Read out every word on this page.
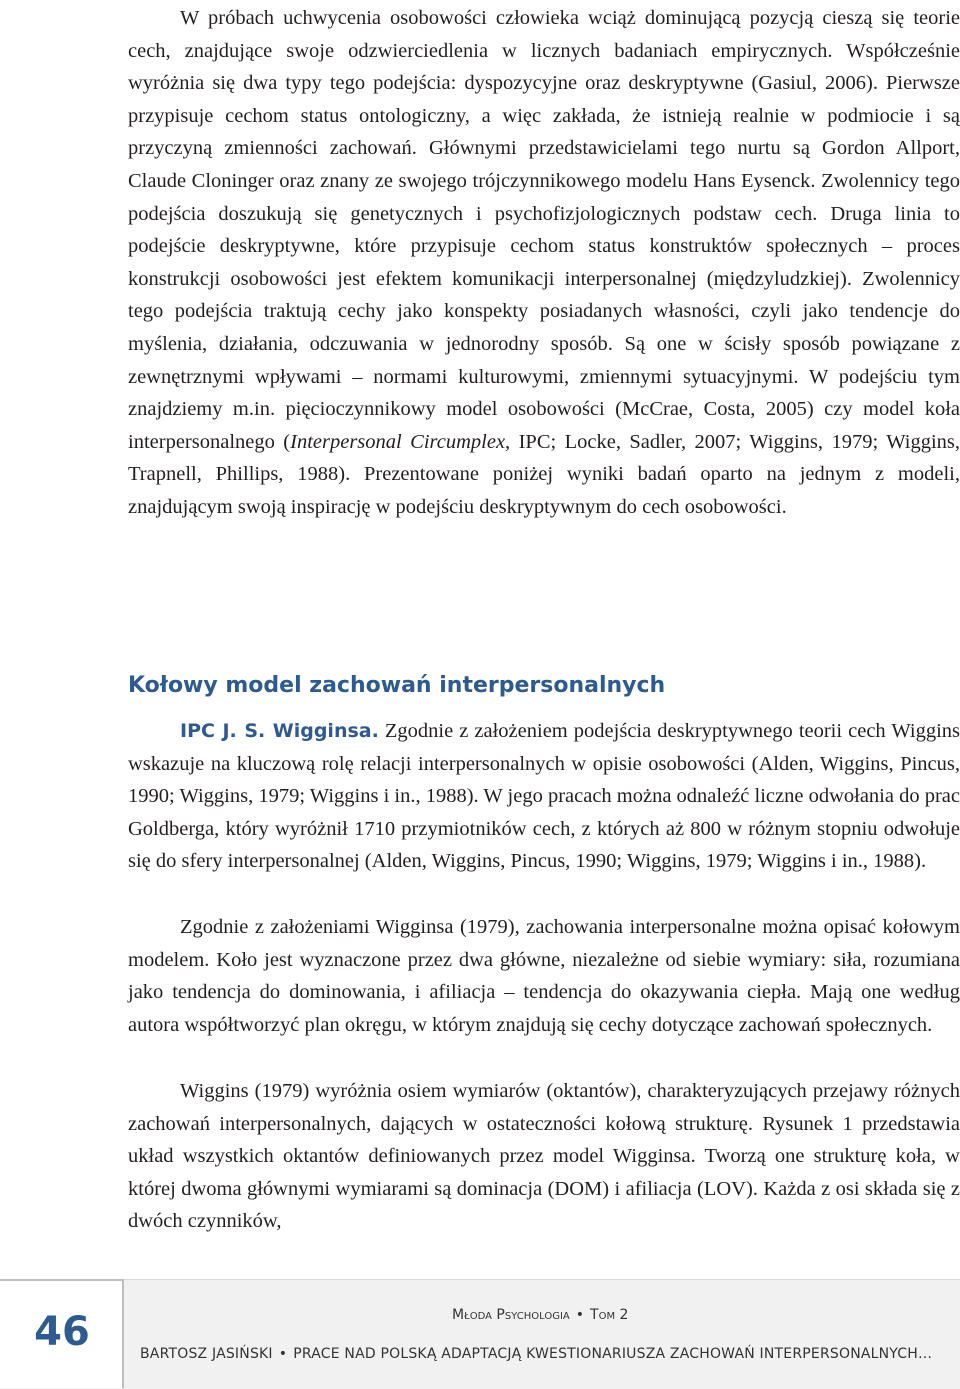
W próbach uchwycenia osobowości człowieka wciąż dominującą pozycją cieszą się teorie cech, znajdujące swoje odzwierciedlenia w licznych badaniach empirycznych. Współcześnie wyróżnia się dwa typy tego podejścia: dyspozycyjne oraz deskryptywne (Gasiul, 2006). Pierwsze przypisuje cechom status ontologiczny, a więc zakłada, że istnieją realnie w podmiocie i są przyczyną zmienności zachowań. Głównymi przedstawicielami tego nurtu są Gordon Allport, Claude Cloninger oraz znany ze swojego trójczynnikowego modelu Hans Eysenck. Zwolennicy tego podejścia doszukują się genetycznych i psychofizjologicznych podstaw cech. Druga linia to podejście deskryptywne, które przypisuje cechom status konstruktów społecznych – proces konstrukcji osobowości jest efektem komunikacji interpersonalnej (międzyludzkiej). Zwolennicy tego podejścia traktują cechy jako konspekty posiadanych własności, czyli jako tendencje do myślenia, działania, odczuwania w jednorodny sposób. Są one w ścisły sposób powiązane z zewnętrznymi wpływami – normami kulturowymi, zmiennymi sytuacyjnymi. W podejściu tym znajdziemy m.in. pięcioczynnikowy model osobowości (McCrae, Costa, 2005) czy model koła interpersonalnego (Interpersonal Circumplex, IPC; Locke, Sadler, 2007; Wiggins, 1979; Wiggins, Trapnell, Phillips, 1988). Prezentowane poniżej wyniki badań oparto na jednym z modeli, znajdującym swoją inspirację w podejściu deskryptywnym do cech osobowości.

Kołowy model zachowań interpersonalnych

IPC J. S. Wigginsa. Zgodnie z założeniem podejścia deskryptywnego teorii cech Wiggins wskazuje na kluczową rolę relacji interpersonalnych w opisie osobowości (Alden, Wiggins, Pincus, 1990; Wiggins, 1979; Wiggins i in., 1988). W jego pracach można odnaleźć liczne odwołania do prac Goldberga, który wyróżnił 1710 przymiotników cech, z których aż 800 w różnym stopniu odwołuje się do sfery interpersonalnej (Alden, Wiggins, Pincus, 1990; Wiggins, 1979; Wiggins i in., 1988).

Zgodnie z założeniami Wigginsa (1979), zachowania interpersonalne można opisać kołowym modelem. Koło jest wyznaczone przez dwa główne, niezależne od siebie wymiary: siła, rozumiana jako tendencja do dominowania, i afiliacja – tendencja do okazywania ciepła. Mają one według autora współtworzyć plan okręgu, w którym znajdują się cechy dotyczące zachowań społecznych.

Wiggins (1979) wyróżnia osiem wymiarów (oktantów), charakteryzujących przejawy różnych zachowań interpersonalnych, dających w ostateczności kołową strukturę. Rysunek 1 przedstawia układ wszystkich oktantów definiowanych przez model Wigginsa. Tworzą one strukturę koła, w której dwoma głównymi wymiarami są dominacja (DOM) i afiliacja (LOV). Każda z osi składa się z dwóch czynników,

46	Młoda Psychologia • Tom 2
BARTOSZ JASIŃSKI • PRACE NAD POLSKĄ ADAPTACJĄ KWESTIONARIUSZA ZACHOWAŃ INTERPERSONALNYCH…
